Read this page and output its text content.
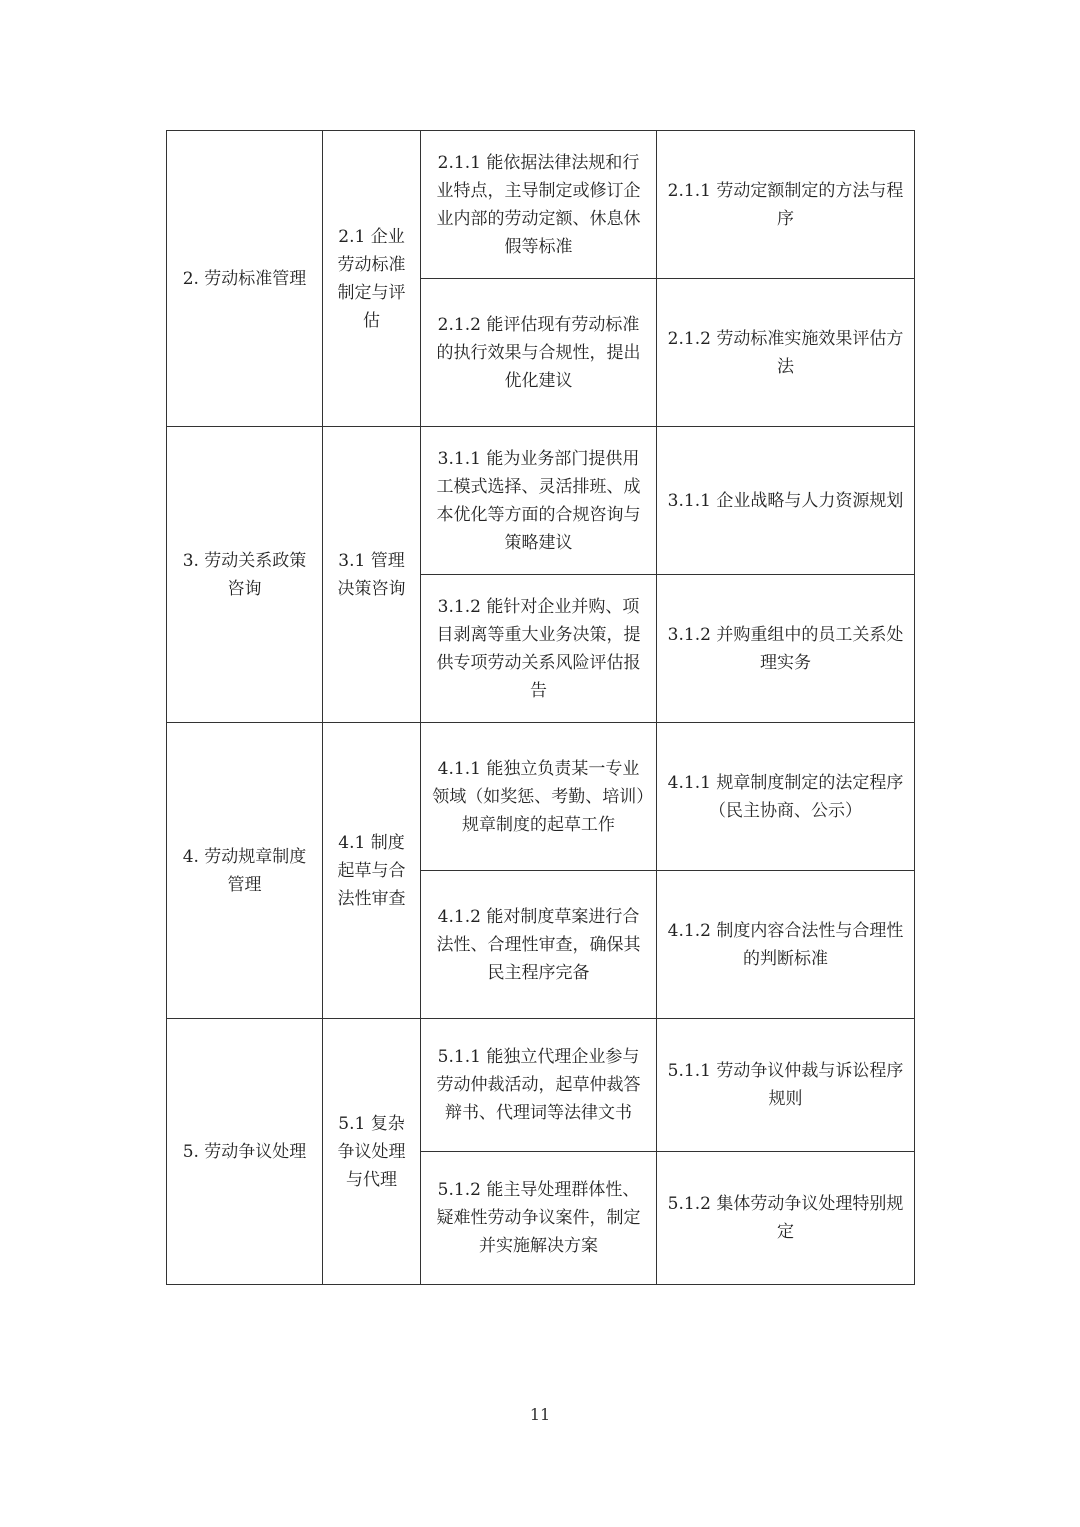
2. 劳动标准管理	2.1 企业劳动标准制定与评估	2.1.1 能依据法律法规和行业特点，主导制定或修订企业内部的劳动定额、休息休假等标准	2.1.1 劳动定额制定的方法与程序
		2.1.2 能评估现有劳动标准的执行效果与合规性，提出优化建议	2.1.2 劳动标准实施效果评估方法
3. 劳动关系政策咨询	3.1 管理决策咨询	3.1.1 能为业务部门提供用工模式选择、灵活排班、成本优化等方面的合规咨询与策略建议	3.1.1 企业战略与人力资源规划
		3.1.2 能针对企业并购、项目剥离等重大业务决策，提供专项劳动关系风险评估报告	3.1.2 并购重组中的员工关系处理实务
4. 劳动规章制度管理	4.1 制度起草与合法性审查	4.1.1 能独立负责某一专业领域（如奖惩、考勤、培训）规章制度的起草工作	4.1.1 规章制度制定的法定程序（民主协商、公示）
		4.1.2 能对制度草案进行合法性、合理性审查，确保其民主程序完备	4.1.2 制度内容合法性与合理性的判断标准
5. 劳动争议处理	5.1 复杂争议处理与代理	5.1.1 能独立代理企业参与劳动仲裁活动，起草仲裁答辩书、代理词等法律文书	5.1.1 劳动争议仲裁与诉讼程序规则
		5.1.2 能主导处理群体性、疑难性劳动争议案件，制定并实施解决方案	5.1.2 集体劳动争议处理特别规定
11
